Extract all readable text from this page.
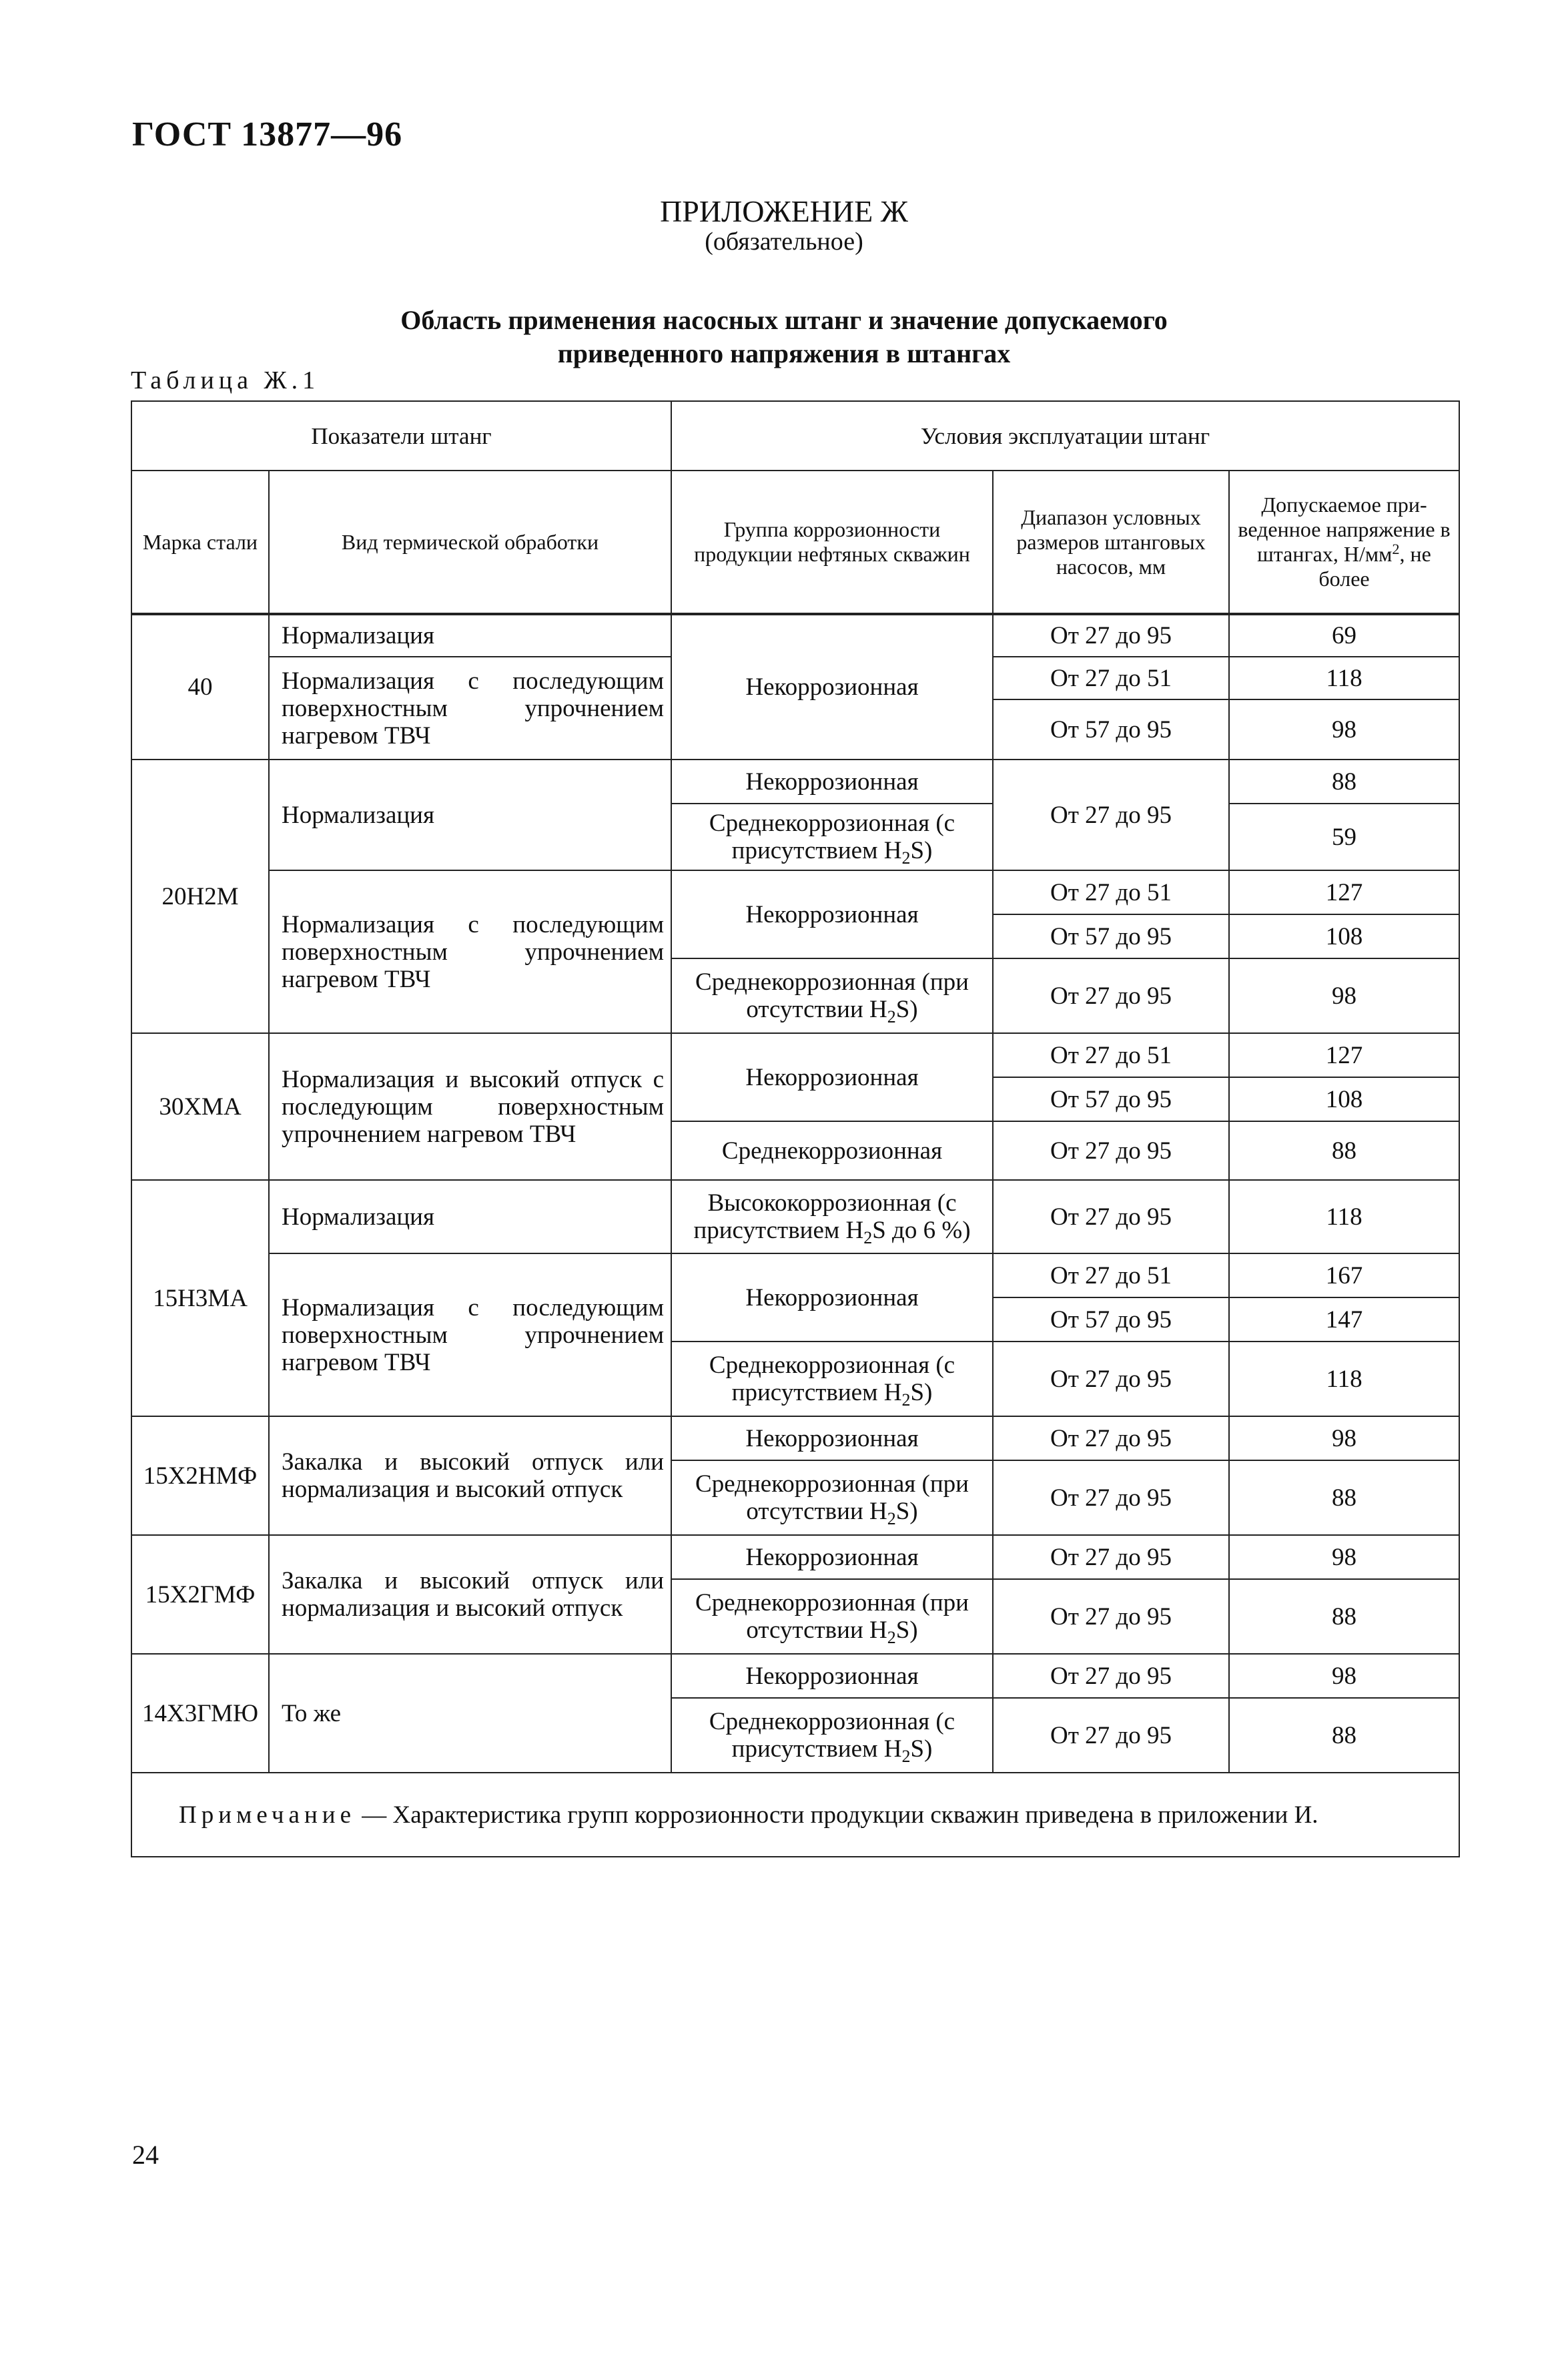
ГОСТ 13877—96
ПРИЛОЖЕНИЕ Ж
(обязательное)
Область применения насосных штанг и значение допускаемого
приведенного напряжения в штангах
Таблица Ж.1
Показатели штанг		Условия эксплуатации штанг		
Марка стали	Вид термической обработки	Группа коррозионности продукции нефтяных скважин	Диапазон условных размеров штанговых насосов, мм	Допускаемое приведенное напряжение в штангах, $Н/мм^2$, не более
40	Нормализация	Некоррозионная	От 27 до 95	69
	Нормализация с последующим поверхностным упрочнением нагревом ТВЧ		От 27 до 51	118
			От 57 до 95	98
20Н2М	Нормализация	Некоррозионная	От 27 до 95	88
		Среднекоррозионная (с присутствием $H_2S$)		59
	Нормализация с последующим поверхностным упрочнением нагревом ТВЧ	Некоррозионная	От 27 до 51	127
			От 57 до 95	108
		Среднекоррозионная (при отсутствии $H_2S$)	От 27 до 95	98
30ХМА	Нормализация и высокий отпуск с последующим поверхностным упрочнением нагревом ТВЧ	Некоррозионная	От 27 до 51	127
			От 57 до 95	108
		Среднекоррозионная	От 27 до 95	88
15Н3МА	Нормализация	Высококоррозионная (с присутствием $H_2S$ до 6 %)	От 27 до 95	118
	Нормализация с последующим поверхностным упрочнением нагревом ТВЧ	Некоррозионная	От 27 до 51	167
			От 57 до 95	147
		Среднекоррозионная (с присутствием $H_2S$)	От 27 до 95	118
15Х2НМФ	Закалка и высокий отпуск или нормализация и высокий отпуск	Некоррозионная	От 27 до 95	98
		Среднекоррозионная (при отсутствии $H_2S$)	От 27 до 95	88
15Х2ГМФ	Закалка и высокий отпуск или нормализация и высокий отпуск	Некоррозионная	От 27 до 95	98
		Среднекоррозионная (при отсутствии $H_2S$)	От 27 до 95	88
14Х3ГМЮ	То же	Некоррозионная	От 27 до 95	98
		Среднекоррозионная (с присутствием $H_2S$)	От 27 до 95	88
Примечание — Характеристика групп коррозионности продукции скважин приведена в приложении И.				
24
